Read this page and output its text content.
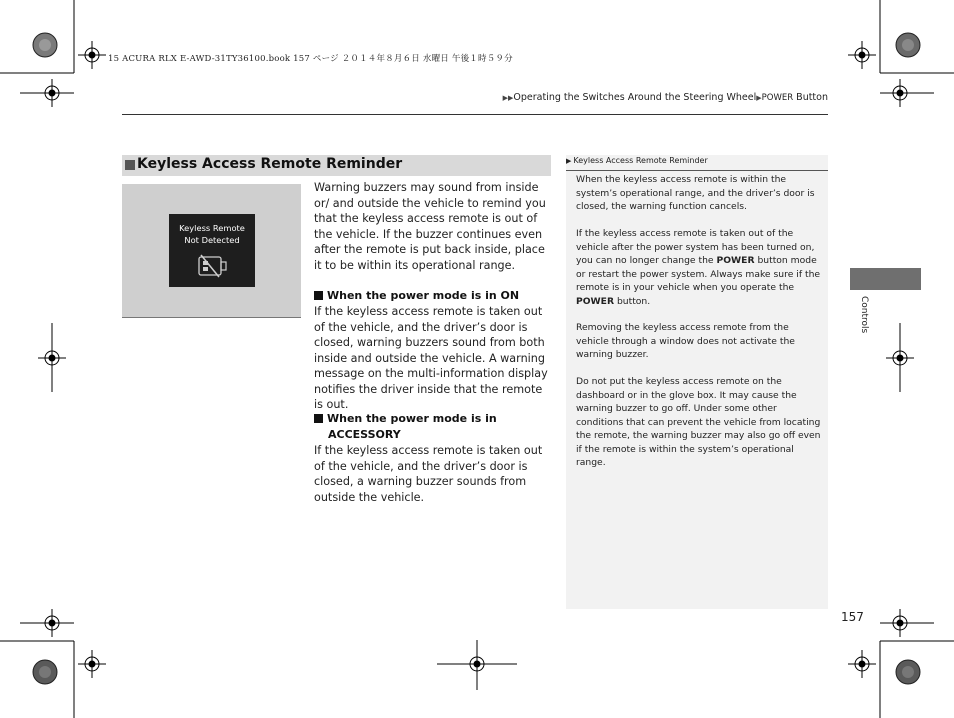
15 ACURA RLX E-AWD-31TY36100.book 157 ページ ２０１４年８月６日 水曜日 午後１時５９分
▶▶Operating the Switches Around the Steering Wheel▶POWER Button
Keyless Access Remote Reminder
Keyless Remote
Not Detected
Warning buzzers may sound from inside or/ and outside the vehicle to remind you that the keyless access remote is out of the vehicle. If the buzzer continues even after the remote is put back inside, place it to be within its operational range.
When the power mode is in ON
If the keyless access remote is taken out of the vehicle, and the driver’s door is closed, warning buzzers sound from both inside and outside the vehicle. A warning message on the multi-information display notifies the driver inside that the remote is out.
When the power mode is in
ACCESSORY
If the keyless access remote is taken out of the vehicle, and the driver’s door is closed, a warning buzzer sounds from outside the vehicle.
▶ Keyless Access Remote Reminder
When the keyless access remote is within the system’s operational range, and the driver’s door is closed, the warning function cancels.
If the keyless access remote is taken out of the vehicle after the power system has been turned on, you can no longer change the POWER button mode or restart the power system. Always make sure if the remote is in your vehicle when you operate the POWER button.
Removing the keyless access remote from the vehicle through a window does not activate the warning buzzer.
Do not put the keyless access remote on the dashboard or in the glove box. It may cause the warning buzzer to go off. Under some other conditions that can prevent the vehicle from locating the remote, the warning buzzer may also go off even if the remote is within the system’s operational range.
Controls
157
